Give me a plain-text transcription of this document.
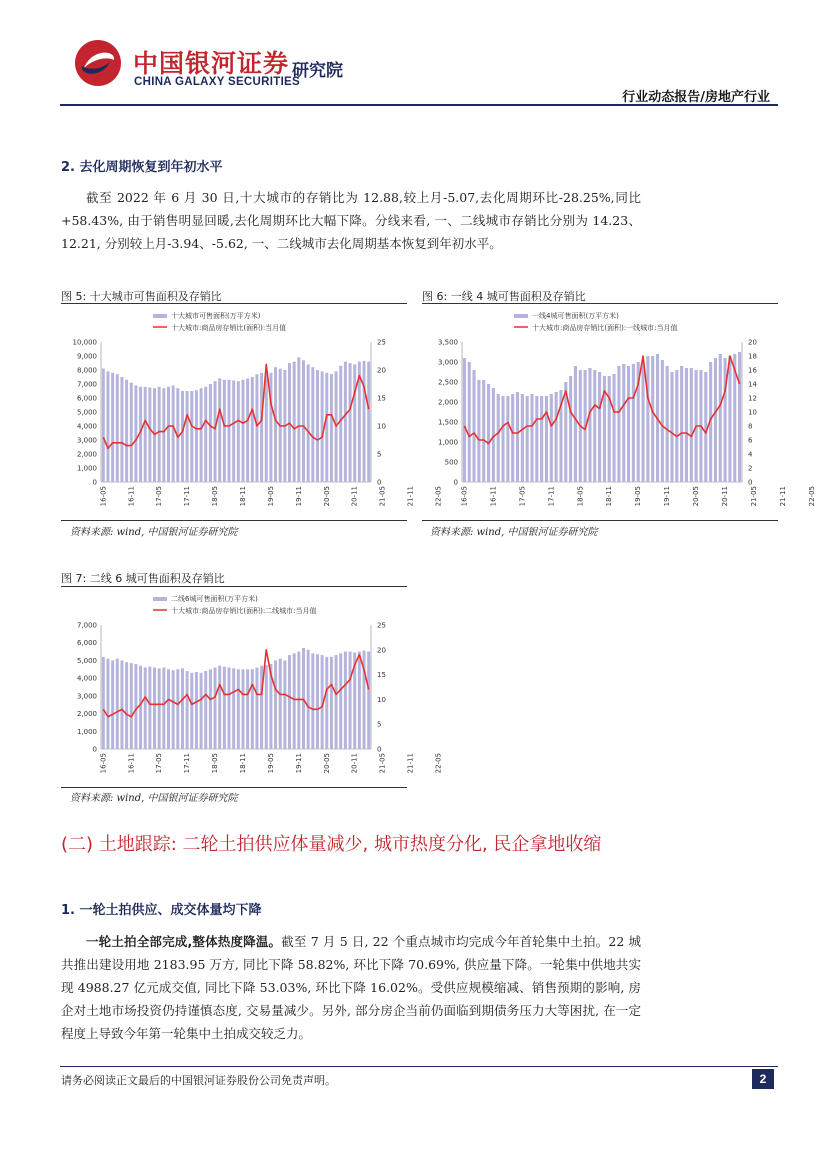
中国银河证券
CHINA GALAXY SECURITIES
研究院
行业动态报告/房地产行业
2. 去化周期恢复到年初水平
截至 2022 年 6 月 30 日,十大城市的存销比为 12.88,较上月-5.07,去化周期环比-28.25%,同比+58.43%, 由于销售明显回暖,去化周期环比大幅下降。分线来看, 一、二线城市存销比分别为 14.23、12.21, 分别较上月-3.94、-5.62, 一、二线城市去化周期基本恢复到年初水平。
图 5: 十大城市可售面积及存销比
十大城市可售面积(万平方米)
十大城市:商品房存销比(面积):当月值
0
1,000
2,000
3,000
4,000
5,000
6,000
7,000
8,000
9,000
10,000
0
5
10
15
20
25
16-05	16-11	17-05	17-11	18-05	18-11	19-05	19-11	20-05	20-11	21-05	21-11	22-05
资料来源: wind, 中国银河证券研究院
图 6: 一线 4 城可售面积及存销比
一线4城可售面积(万平方米)
十大城市:商品房存销比(面积):一线城市:当月值
0
500
1,000
1,500
2,000
2,500
3,000
3,500
0
2
4
6
8
10
12
14
16
18
20
16-05	16-11	17-05	17-11	18-05	18-11	19-05	19-11	20-05	20-11	21-05	21-11	22-05
资料来源: wind, 中国银河证券研究院
图 7: 二线 6 城可售面积及存销比
二线6城可售面积(万平方米)
十大城市:商品房存销比(面积):二线城市:当月值
0
1,000
2,000
3,000
4,000
5,000
6,000
7,000
0
5
10
15
20
25
16-05	16-11	17-05	17-11	18-05	18-11	19-05	19-11	20-05	20-11	21-05	21-11	22-05
资料来源: wind, 中国银河证券研究院
(二) 土地跟踪: 二轮土拍供应体量减少, 城市热度分化, 民企拿地收缩
1. 一轮土拍供应、成交体量均下降
一轮土拍全部完成,整体热度降温。截至 7 月 5 日, 22 个重点城市均完成今年首轮集中土拍。22 城共推出建设用地 2183.95 万方, 同比下降 58.82%, 环比下降 70.69%, 供应量下降。一轮集中供地共实现 4988.27 亿元成交值, 同比下降 53.03%, 环比下降 16.02%。受供应规模缩减、销售预期的影响, 房企对土地市场投资仍持谨慎态度, 交易量减少。另外, 部分房企当前仍面临到期债务压力大等困扰, 在一定程度上导致今年第一轮集中土拍成交较乏力。
请务必阅读正文最后的中国银河证券股份公司免责声明。	2
